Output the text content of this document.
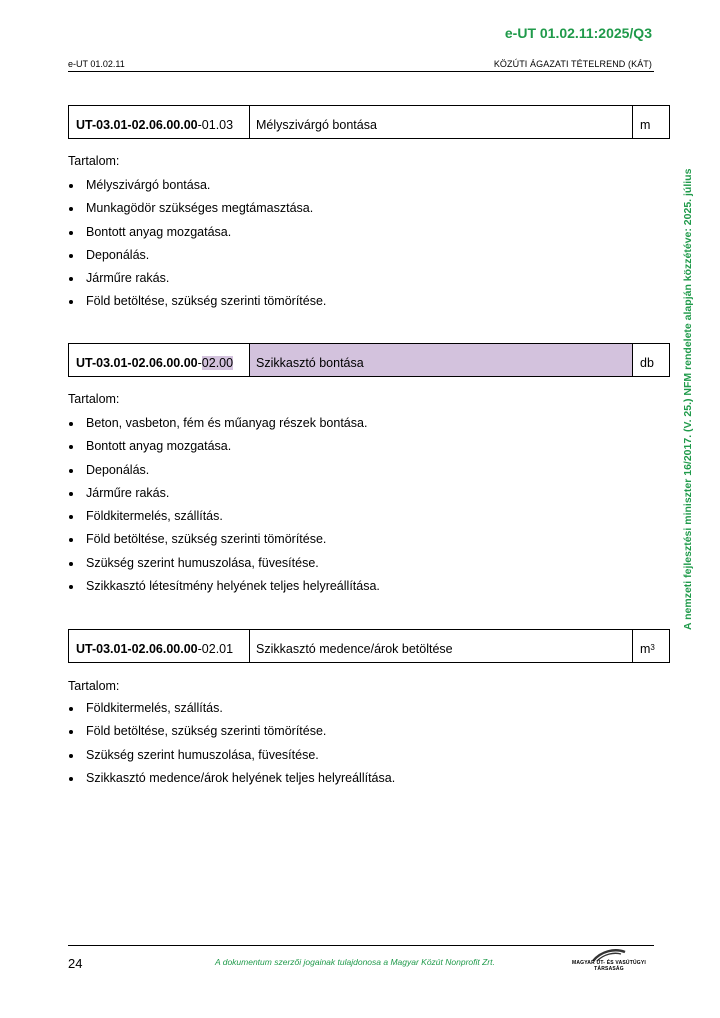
e-UT 01.02.11:2025/Q3
e-UT 01.02.11	KÖZÚTI ÁGAZATI TÉTELREND (KÁT)
A nemzeti fejlesztési miniszter 16/2017. (V. 25.) NFM rendelete alapján közzétéve: 2025. július
UT-03.01-02.06.00.00 - 01.03	Mélyszivárgó bontása	m
Tartalom:
Mélyszivárgó bontása.
Munkagödör szükséges megtámasztása.
Bontott anyag mozgatása.
Deponálás.
Járműre rakás.
Föld betöltése, szükség szerinti tömörítése.
UT-03.01-02.06.00.00 - 02.00	Szikkasztó bontása	db
Tartalom:
Beton, vasbeton, fém és műanyag részek bontása.
Bontott anyag mozgatása.
Deponálás.
Járműre rakás.
Földkitermelés, szállítás.
Föld betöltése, szükség szerinti tömörítése.
Szükség szerint humuszolása, füvesítése.
Szikkasztó létesítmény helyének teljes helyreállítása.
UT-03.01-02.06.00.00 - 02.01	Szikkasztó medence/árok betöltése	$m^3$
Tartalom:
Földkitermelés, szállítás.
Föld betöltése, szükség szerinti tömörítése.
Szükség szerint humuszolása, füvesítése.
Szikkasztó medence/árok helyének teljes helyreállítása.
24	A dokumentum szerzői jogainak tulajdonosa a Magyar Közút Nonprofit Zrt.	MAGYAR ÚT- ÉS VASÚTÜGYI TÁRSASÁG
